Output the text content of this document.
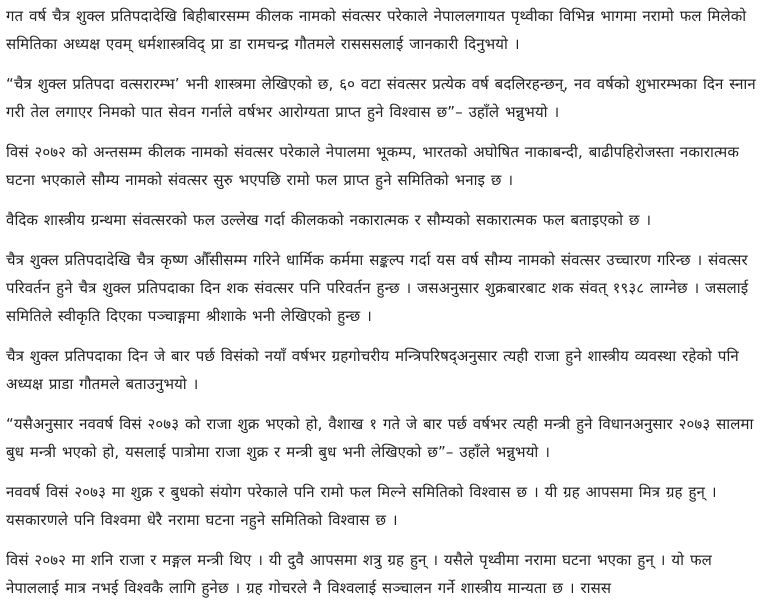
गत वर्ष चैत्र शुक्ल प्रतिपदादेखि बिहीबारसम्म कीलक नामको संवत्सर परेकाले नेपाललगायत पृथ्वीका विभिन्न भागमा नरामो फल मिलेको समितिका अध्यक्ष एवम् धर्मशास्त्रविद् प्रा डा रामचन्द्र गौतमले रासससलाई जानकारी दिनुभयो ।

“चैत्र शुक्ल प्रतिपदा वत्सरारम्भ’ भनी शास्त्रमा लेखिएको छ, ६० वटा संवत्सर प्रत्येक वर्ष बदलिरहन्छन्, नव वर्षको शुभारम्भका दिन स्नान गरी तेल लगाएर निमको पात सेवन गर्नाले वर्षभर आरोग्यता प्राप्त हुने विश्वास छ”– उहाँले भन्नुभयो ।

विसं २०७२ को अन्तसम्म कीलक नामको संवत्सर परेकाले नेपालमा भूकम्प, भारतको अघोषित नाकाबन्दी, बाढीपहिरोजस्ता नकारात्मक घटना भएकाले सौम्य नामको संवत्सर सुरु भएपछि रामो फल प्राप्त हुने समितिको भनाइ छ ।

वैदिक शास्त्रीय ग्रन्थमा संवत्सरको फल उल्लेख गर्दा कीलकको नकारात्मक र सौम्यको सकारात्मक फल बताइएको छ ।

चैत्र शुक्ल प्रतिपदादेखि चैत्र कृष्ण औँसीसम्म गरिने धार्मिक कर्ममा सङ्कल्प गर्दा यस वर्ष सौम्य नामको संवत्सर उच्चारण गरिन्छ । संवत्सर परिवर्तन हुने चैत्र शुक्ल प्रतिपदाका दिन शक संवत्सर पनि परिवर्तन हुन्छ । जसअनुसार शुक्रबारबाट शक संवत् १९३८ लाग्नेछ । जसलाई समितिले स्वीकृति दिएका पञ्चाङ्गमा श्रीशाके भनी लेखिएको हुन्छ ।

चैत्र शुक्ल प्रतिपदाका दिन जे बार पर्छ विसंको नयाँ वर्षभर ग्रहगोचरीय मन्त्रिपरिषद्अनुसार त्यही राजा हुने शास्त्रीय व्यवस्था रहेको पनि अध्यक्ष प्राडा गौतमले बताउनुभयो ।

“यसैअनुसार नववर्ष विसं २०७३ को राजा शुक्र भएको हो, वैशाख १ गते जे बार पर्छ वर्षभर त्यही मन्त्री हुने विधानअनुसार २०७३ सालमा बुध मन्त्री भएको हो, यसलाई पात्रोमा राजा शुक्र र मन्त्री बुध भनी लेखिएको छ”– उहाँले भन्नुभयो ।

नववर्ष विसं २०७३ मा शुक्र र बुधको संयोग परेकाले पनि रामो फल मिल्ने समितिको विश्वास छ । यी ग्रह आपसमा मित्र ग्रह हुन् । यसकारणले पनि विश्वमा धेरै नरामा घटना नहुने समितिको विश्वास छ ।

विसं २०७२ मा शनि राजा र मङ्गल मन्त्री थिए । यी दुवै आपसमा शत्रु ग्रह हुन् । यसैले पृथ्वीमा नरामा घटना भएका हुन् । यो फल नेपाललाई मात्र नभई विश्वकै लागि हुनेछ । ग्रह गोचरले नै विश्वलाई सञ्चालन गर्ने शास्त्रीय मान्यता छ । रासस
